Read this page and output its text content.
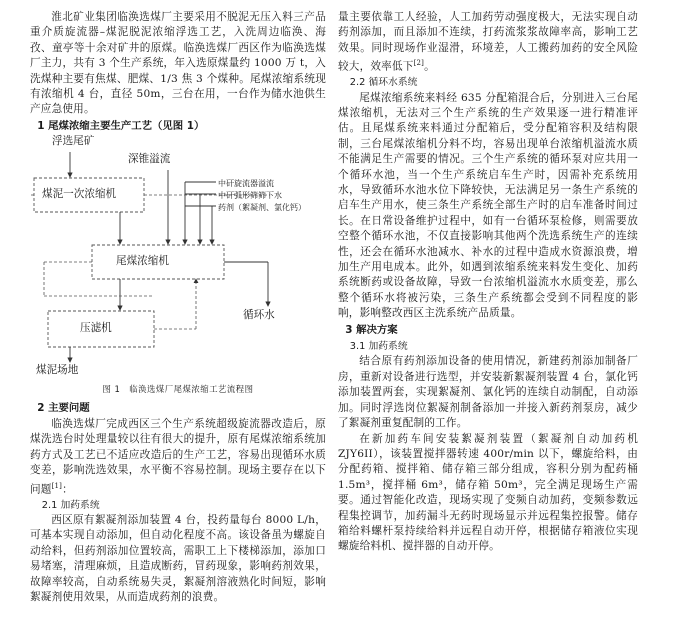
淮北矿业集团临涣选煤厂主要采用不脱泥无压入料三产品重介质旋流器–煤泥脱泥浓缩浮选工艺，入洗周边临涣、海孜、童亭等十余对矿井的原煤。临涣选煤厂西区作为临涣选煤厂主力，共有 3 个生产系统，年入选原煤量约 1000 万 t，入洗煤种主要有焦煤、肥煤、1/3 焦 3 个煤种。尾煤浓缩系统现有浓缩机 4 台，直径 50m，三台在用，一台作为储水池供生产应急使用。

1 尾煤浓缩主要生产工艺（见图 1）
浮选尾矿
深锥溢流
中矸旋流器溢流
中矸弧形筛筛下水
药剂（絮凝剂、氯化钙）
煤泥一次浓缩机
尾煤浓缩机
压滤机
循环水
煤泥场地
图 1　临涣选煤厂尾煤浓缩工艺流程图
2 主要问题

临涣选煤厂完成西区三个生产系统超级旋流器改造后，原煤洗选台时处理量较以往有很大的提升，原有尾煤浓缩系统加药方式及工艺已不适应改造后的生产工艺，容易出现循环水质变差，影响洗选效果，水平衡不容易控制。现场主要存在以下问题[1]：

2.1 加药系统

西区原有絮凝剂添加装置 4 台，投药量每台 8000 L/h，可基本实现自动添加，但自动化程度不高。该设备虽为螺旋自动给料，但药剂添加位置较高，需职工上下楼梯添加，添加口易堵塞，清理麻烦，且造成断药，冒药现象，影响药剂效果，故障率较高，自动系统易失灵，絮凝剂溶液熟化时间短，影响絮凝剂使用效果，从而造成药剂的浪费。

量主要依靠工人经验，人工加药劳动强度极大，无法实现自动药剂添加，而且添加不连续，打药流浆浆故障率高，影响工艺效果。同时现场作业湿滑，环境差，人工搬药加药的安全风险较大，效率低下[2]。

2.2 循环水系统

尾煤浓缩系统来料经 635 分配箱混合后，分别进入三台尾煤浓缩机，无法对三个生产系统的生产效果逐一进行精准评估。且尾煤系统来料通过分配箱后，受分配箱容积及结构限制，三台尾煤浓缩机分料不均，容易出现单台浓缩机溢流水质不能满足生产需要的情况。三个生产系统的循环泵对应共用一个循环水池，当一个生产系统启车生产时，因需补充系统用水，导致循环水池水位下降较快，无法满足另一条生产系统的启车生产用水，使三条生产系统全部生产时的启车准备时间过长。在日常设备维护过程中，如有一台循环泵检修，则需要放空整个循环水池，不仅直接影响其他两个洗选系统生产的连续性，还会在循环水池减水、补水的过程中造成水资源浪费，增加生产用电成本。此外，如遇到浓缩系统来料发生变化、加药系统断药或设备故障，导致一台浓缩机溢流水水质变差，那么整个循环水将被污染，三条生产系统都会受到不同程度的影响，影响整改西区主洗系统产品质量。

3 解决方案
3.1 加药系统

结合原有药剂添加设备的使用情况，新建药剂添加制备厂房，重新对设备进行选型，并安装新絮凝剂装置 4 台，氯化钙添加装置两套，实现絮凝剂、氯化钙的连续自动制配，自动添加。同时浮选岗位絮凝剂制备添加一并接入新药剂泵房，减少了絮凝剂重复配制的工作。

在新加药车间安装絮凝剂装置（絮凝剂自动加药机 ZJY6II），该装置搅拌器转速 400r/min 以下，螺旋给料，由分配药箱、搅拌箱、储存箱三部分组成，容积分别为配药桶 1.5m³，搅拌桶 6m³，储存箱 50m³，完全满足现场生产需要。通过智能化改造，现场实现了变频自动加药，变频参数远程集控调节，加药漏斗无药时现场显示并远程集控报警。储存箱给料螺杆泵持续给料并远程自动开停，根据储存箱液位实现螺旋给料机、搅拌器的自动开停。
